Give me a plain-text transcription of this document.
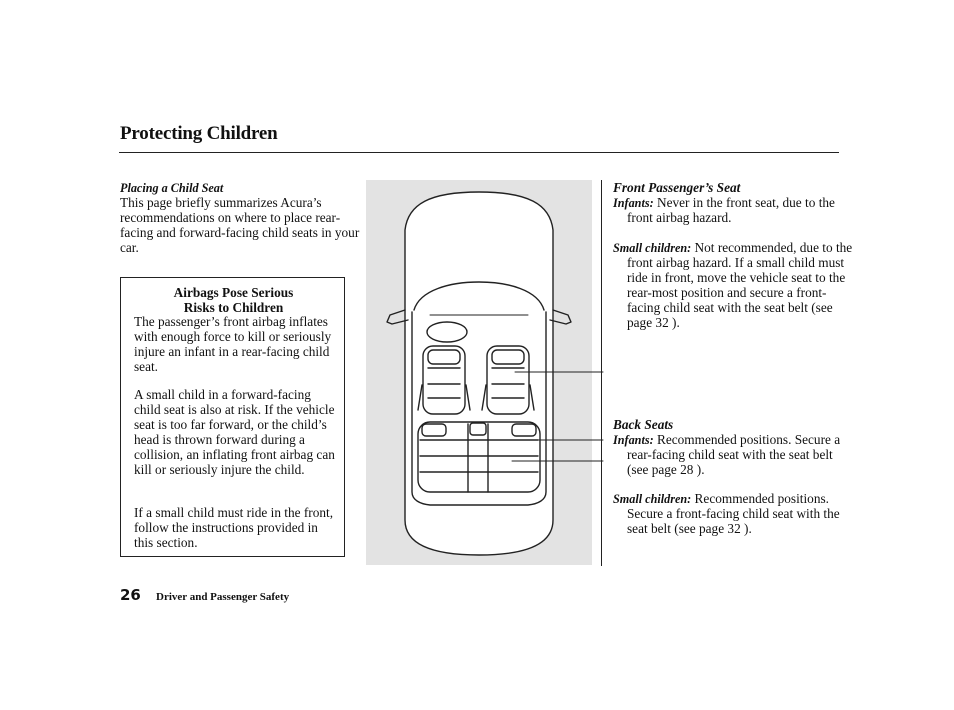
Protecting Children
Placing a Child Seat
This page briefly summarizes Acura’s recommendations on where to place rear-facing and forward-facing child seats in your car.
Airbags Pose Serious
Risks to Children
The passenger’s front airbag inflates with enough force to kill or seriously injure an infant in a rear-facing child seat.
A small child in a forward-facing child seat is also at risk. If the vehicle seat is too far forward, or the child’s head is thrown forward during a collision, an inflating front airbag can kill or seriously injure the child.
If a small child must ride in the front, follow the instructions provided in this section.
Front Passenger’s Seat
Infants: Never in the front seat, due to the front airbag hazard.
Small children: Not recommended, due to the front airbag hazard. If a small child must ride in front, move the vehicle seat to the rear-most position and secure a front-facing child seat with the seat belt (see page 32 ).
Back Seats
Infants: Recommended positions. Secure a rear-facing child seat with the seat belt (see page 28 ).
Small children: Recommended positions. Secure a front-facing child seat with the seat belt (see page 32 ).
26 Driver and Passenger Safety
